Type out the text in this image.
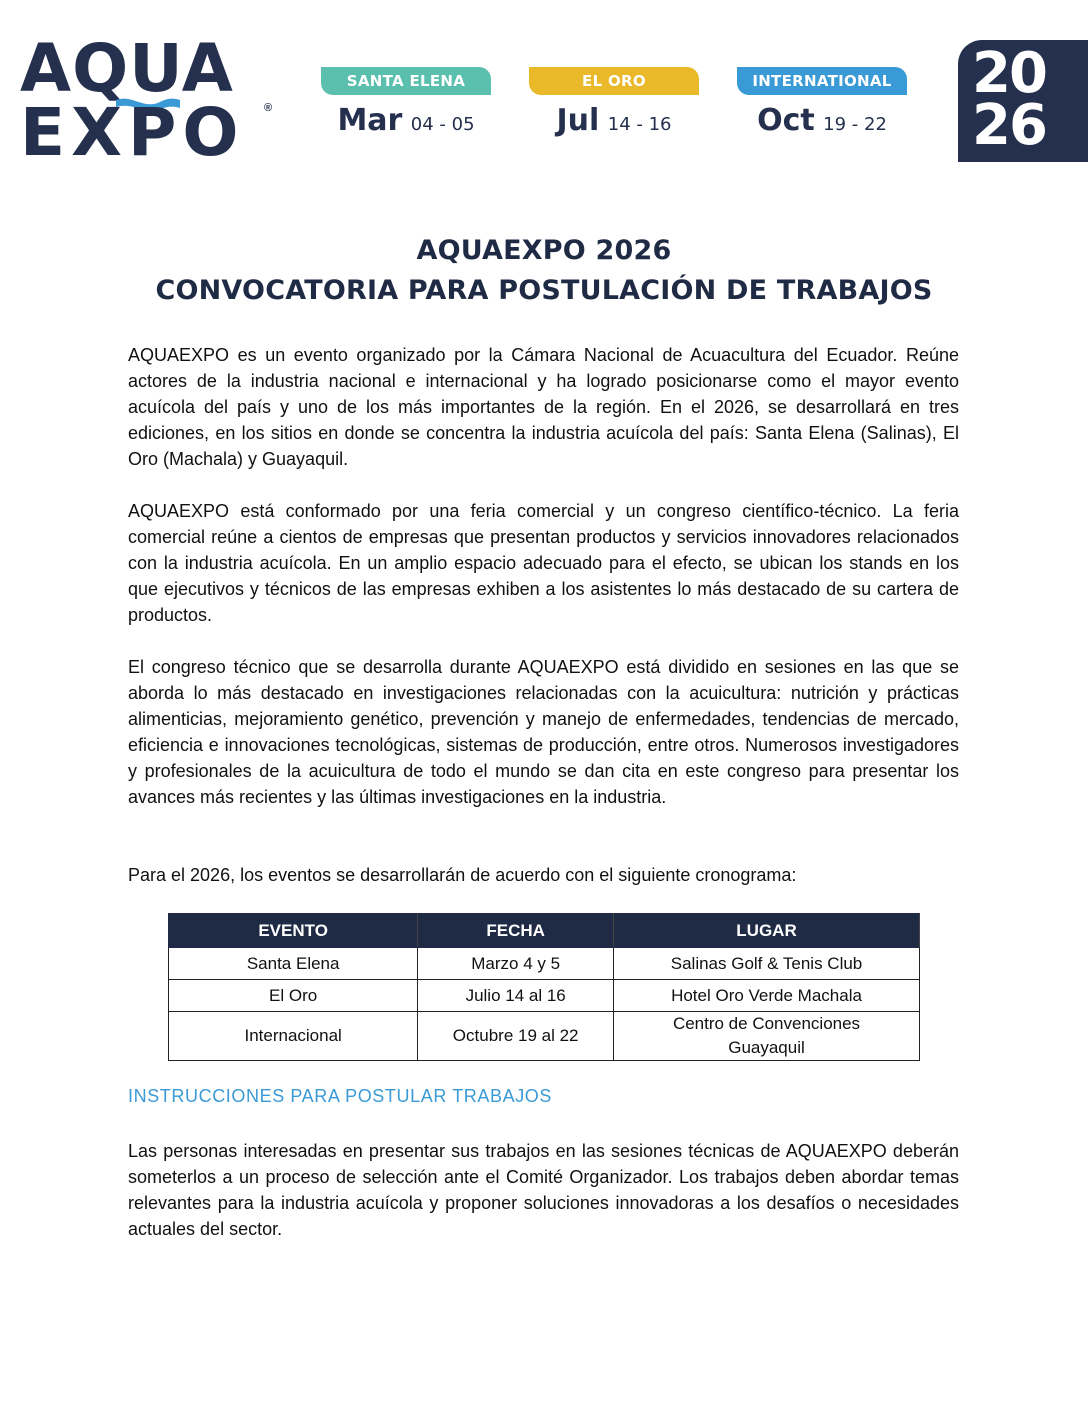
AQUA
EXPO ®
SANTA ELENA
Mar 04 - 05
EL ORO
Jul 14 - 16
INTERNATIONAL
Oct 19 - 22
20
26
AQUAEXPO 2026
CONVOCATORIA PARA POSTULACIÓN DE TRABAJOS

AQUAEXPO es un evento organizado por la Cámara Nacional de Acuacultura del Ecuador. Reúne actores de la industria nacional e internacional y ha logrado posicionarse como el mayor evento acuícola del país y uno de los más importantes de la región. En el 2026, se desarrollará en tres ediciones, en los sitios en donde se concentra la industria acuícola del país: Santa Elena (Salinas), El Oro (Machala) y Guayaquil.

AQUAEXPO está conformado por una feria comercial y un congreso científico-técnico. La feria comercial reúne a cientos de empresas que presentan productos y servicios innovadores relacionados con la industria acuícola. En un amplio espacio adecuado para el efecto, se ubican los stands en los que ejecutivos y técnicos de las empresas exhiben a los asistentes lo más destacado de su cartera de productos.

El congreso técnico que se desarrolla durante AQUAEXPO está dividido en sesiones en las que se aborda lo más destacado en investigaciones relacionadas con la acuicultura: nutrición y prácticas alimenticias, mejoramiento genético, prevención y manejo de enfermedades, tendencias de mercado, eficiencia e innovaciones tecnológicas, sistemas de producción, entre otros. Numerosos investigadores y profesionales de la acuicultura de todo el mundo se dan cita en este congreso para presentar los avances más recientes y las últimas investigaciones en la industria.

Para el 2026, los eventos se desarrollarán de acuerdo con el siguiente cronograma:

EVENTO	FECHA	LUGAR
Santa Elena	Marzo 4 y 5	Salinas Golf & Tenis Club
El Oro	Julio 14 al 16	Hotel Oro Verde Machala
Internacional	Octubre 19 al 22	Centro de Convenciones Guayaquil
INSTRUCCIONES PARA POSTULAR TRABAJOS

Las personas interesadas en presentar sus trabajos en las sesiones técnicas de AQUAEXPO deberán someterlos a un proceso de selección ante el Comité Organizador. Los trabajos deben abordar temas relevantes para la industria acuícola y proponer soluciones innovadoras a los desafíos o necesidades actuales del sector.
